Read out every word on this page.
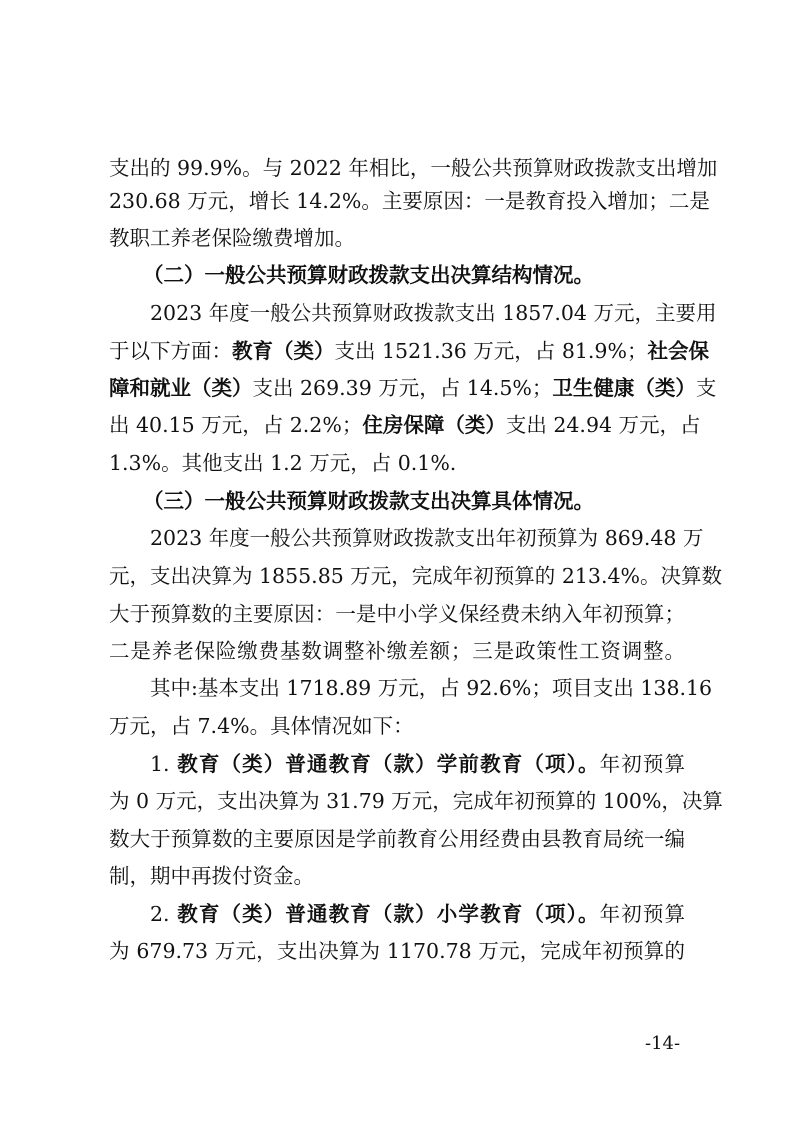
支出的 99.9%。与 2022 年相比，一般公共预算财政拨款支出增加
230.68 万元，增长 14.2%。主要原因：一是教育投入增加；二是
教职工养老保险缴费增加。
（二）一般公共预算财政拨款支出决算结构情况。
2023 年度一般公共预算财政拨款支出 1857.04 万元，主要用
于以下方面：教育（类）支出 1521.36 万元，占 81.9%；社会保
障和就业（类）支出 269.39 万元，占 14.5%；卫生健康（类）支
出 40.15 万元，占 2.2%；住房保障（类）支出 24.94 万元，占
1.3%。其他支出 1.2 万元，占 0.1%.
（三）一般公共预算财政拨款支出决算具体情况。
2023 年度一般公共预算财政拨款支出年初预算为 869.48 万
元，支出决算为 1855.85 万元，完成年初预算的 213.4%。决算数
大于预算数的主要原因：一是中小学义保经费未纳入年初预算；
二是养老保险缴费基数调整补缴差额；三是政策性工资调整。
其中:基本支出 1718.89 万元，占 92.6%；项目支出 138.16
万元，占 7.4%。具体情况如下：
1. 教育（类）普通教育（款）学前教育（项）。年初预算
为 0 万元，支出决算为 31.79 万元，完成年初预算的 100%，决算
数大于预算数的主要原因是学前教育公用经费由县教育局统一编
制，期中再拨付资金。
2. 教育（类）普通教育（款）小学教育（项）。年初预算
为 679.73 万元，支出决算为 1170.78 万元，完成年初预算的
-14-
